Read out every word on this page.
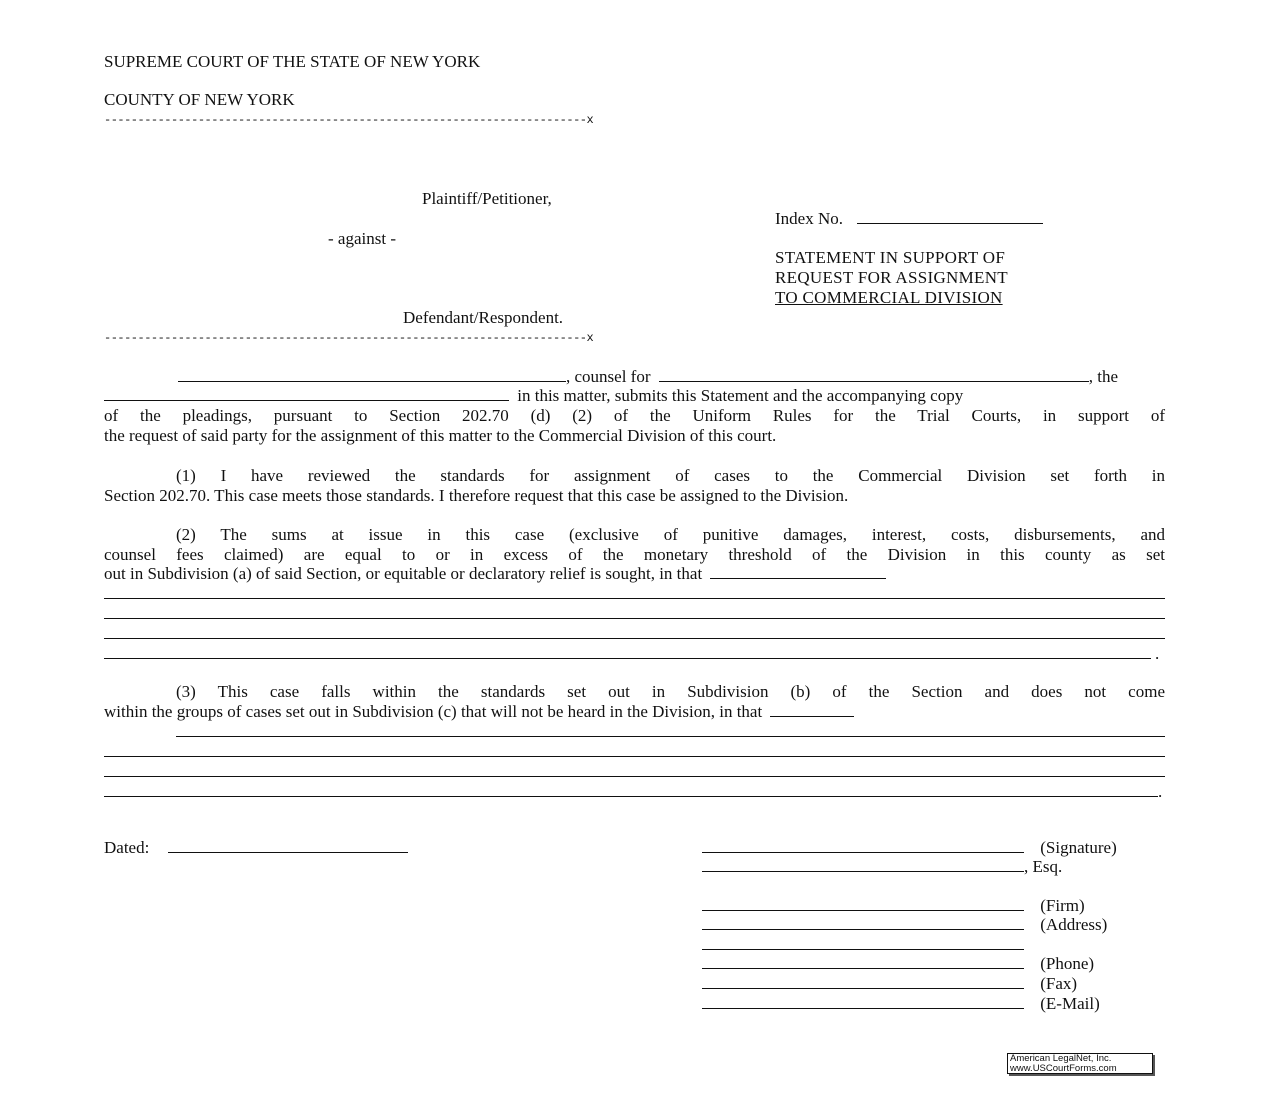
SUPREME COURT OF THE STATE OF NEW YORK
COUNTY OF NEW YORK
------------------------------------------------------------------------x
Plaintiff/Petitioner,
Index No.
- against -
STATEMENT IN SUPPORT OF
REQUEST FOR ASSIGNMENT
TO COMMERCIAL DIVISION
Defendant/Respondent.
------------------------------------------------------------------------x
, counsel for	, the
in this matter, submits this Statement and the accompanying copy
of the pleadings, pursuant to Section 202.70 (d) (2) of the Uniform Rules for the Trial Courts, in support of
the request of said party for the assignment of this matter to the Commercial Division of this court.
(1) I have reviewed the standards for assignment of cases to the Commercial Division set forth in
Section 202.70. This case meets those standards. I therefore request that this case be assigned to the Division.
(2) The sums at issue in this case (exclusive of punitive damages, interest, costs, disbursements, and
counsel fees claimed) are equal to or in excess of the monetary threshold of the Division in this county as set
out in Subdivision (a) of said Section, or equitable or declaratory relief is sought, in that
.
(3) This case falls within the standards set out in Subdivision (b) of the Section and does not come
within the groups of cases set out in Subdivision (c) that will not be heard in the Division, in that
.
Dated:	(Signature)
, Esq.
(Firm)
(Address)
(Phone)
(Fax)
(E-Mail)
American LegalNet, Inc.
www.USCourtForms.com
